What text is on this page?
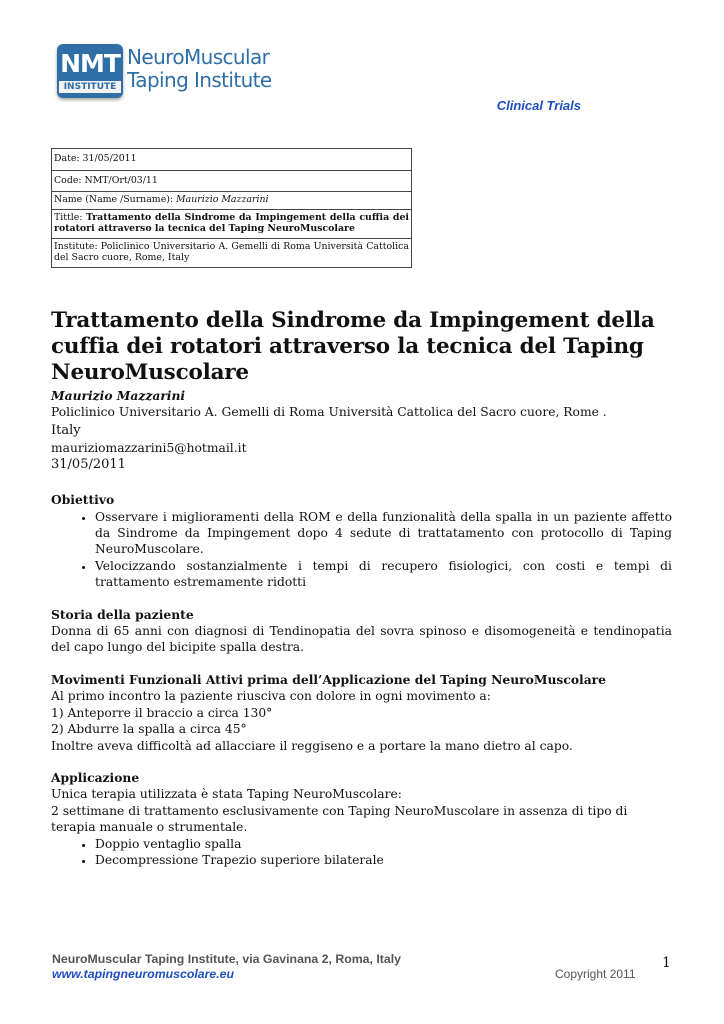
NMT
INSTITUTE
NeuroMuscular
Taping Institute
Clinical Trials
Date: 31/05/2011
Code: NMT/Ort/03/11
Name (Name /Surname): Maurizio Mazzarini
Tittle: Trattamento della Sindrome da Impingement della cuffia dei rotatori attraverso la tecnica del Taping NeuroMuscolare
Institute: Policlinico Universitario A. Gemelli di Roma Università Cattolica del Sacro cuore, Rome, Italy
Trattamento della Sindrome da Impingement della cuffia dei rotatori attraverso la tecnica del Taping NeuroMuscolare
Maurizio Mazzarini
Policlinico Universitario A. Gemelli di Roma Università Cattolica del Sacro cuore, Rome .
Italy
mauriziomazzarini5@hotmail.it
31/05/2011
Obiettivo
• Osservare i miglioramenti della ROM e della funzionalità della spalla in un paziente affetto da Sindrome da Impingement dopo 4 sedute di trattatamento con protocollo di Taping NeuroMuscolare.
• Velocizzando sostanzialmente i tempi di recupero fisiologici, con costi e tempi di trattamento estremamente ridotti
Storia della paziente

Donna di 65 anni con diagnosi di Tendinopatia del sovra spinoso e disomogeneità e tendinopatia del capo lungo del bicipite spalla destra.

Movimenti Funzionali Attivi prima dell’Applicazione del Taping NeuroMuscolare

Al primo incontro la paziente riusciva con dolore in ogni movimento a:

1) Anteporre il braccio a circa 130°

2) Abdurre la spalla a circa 45°

Inoltre aveva difficoltà ad allacciare il reggiseno e a portare la mano dietro al capo.

Applicazione

Unica terapia utilizzata è stata Taping NeuroMuscolare:

2 settimane di trattamento esclusivamente con Taping NeuroMuscolare in assenza di tipo di terapia manuale o strumentale.

• Doppio ventaglio spalla
• Decompressione Trapezio superiore bilaterale
NeuroMuscular Taping Institute, via Gavinana 2, Roma, Italy
www.tapingneuromuscolare.eu	Copyright 2011
1
